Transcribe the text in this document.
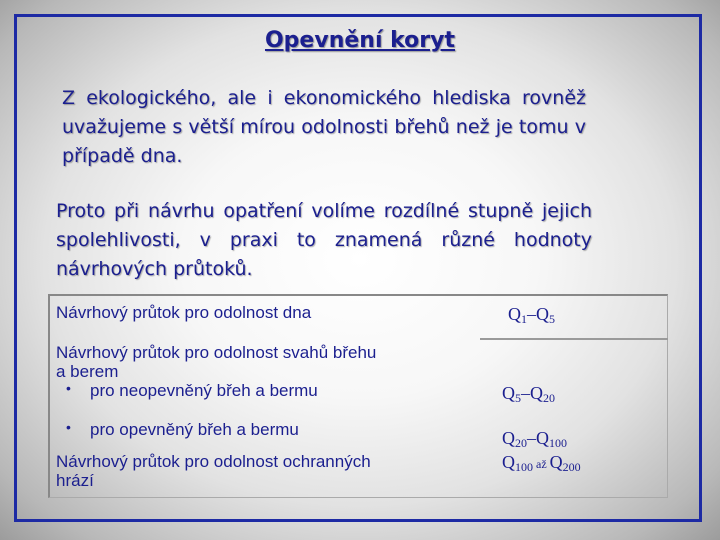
Opevnění koryt
Z ekologického, ale i ekonomického hlediska rovněž uvažujeme s větší mírou odolnosti břehů než je tomu v případě dna.
Proto při návrhu opatření volíme rozdílné stupně jejich spolehlivosti, v praxi to znamená různé hodnoty návrhových průtoků.
Návrhový průtok pro odolnost dna
Návrhový průtok pro odolnost svahů břehu
a berem
• pro neopevněný břeh a bermu
• pro opevněný břeh a bermu
Návrhový průtok pro odolnost ochranných
hrází
$Q_1-Q_5$
$Q_5-Q_{20}$
$Q_{20}-Q_{100}$
$Q_{100}$ až $Q_{200}$
